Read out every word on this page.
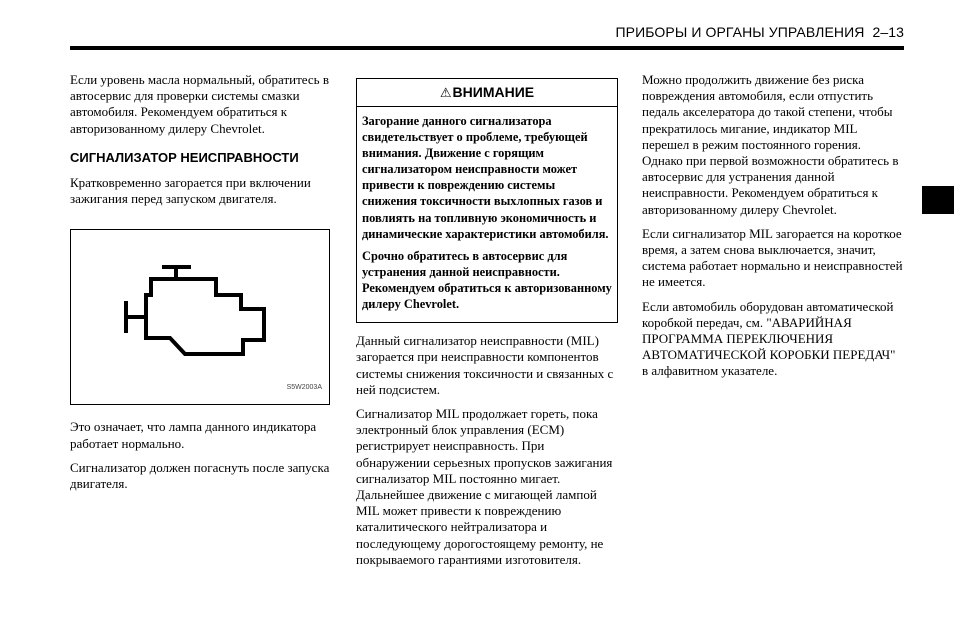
ПРИБОРЫ И ОРГАНЫ УПРАВЛЕНИЯ 2–13

Если уровень масла нормальный, обратитесь в автосервис для проверки системы смазки автомобиля. Рекомендуем обратиться к авторизованному дилеру Chevrolet.

СИГНАЛИЗАТОР НЕИСПРАВНОСТИ

Кратковременно загорается при включении зажигания перед запуском двигателя.

S5W2003A

Это означает, что лампа данного индикатора работает нормально.

Сигнализатор должен погаснуть после запуска двигателя.

⚠ВНИМАНИЕ

Загорание данного сигнализатора свидетельствует о проблеме, требующей внимания. Движение с горящим сигнализатором неисправности может привести к повреждению системы снижения токсичности выхлопных газов и повлиять на топливную экономичность и динамические характеристики автомобиля.

Срочно обратитесь в автосервис для устранения данной неисправности. Рекомендуем обратиться к авторизованному дилеру Chevrolet.

Данный сигнализатор неисправности (MIL) загорается при неисправности компонентов системы снижения токсичности и связанных с ней подсистем.

Сигнализатор MIL продолжает гореть, пока электронный блок управления (ECM) регистрирует неисправность. При обнаружении серьезных пропусков зажигания сигнализатор MIL постоянно мигает. Дальнейшее движение с мигающей лампой MIL может привести к повреждению каталитического нейтрализатора и последующему дорогостоящему ремонту, не покрываемого гарантиями изготовителя.

Можно продолжить движение без риска повреждения автомобиля, если отпустить педаль акселератора до такой степени, чтобы прекратилось мигание, индикатор MIL перешел в режим постоянного горения. Однако при первой возможности обратитесь в автосервис для устранения данной неисправности. Рекомендуем обратиться к авторизованному дилеру Chevrolet.

Если сигнализатор MIL загорается на короткое время, а затем снова выключается, значит, система работает нормально и неисправностей не имеется.

Если автомобиль оборудован автоматической коробкой передач, см. "АВАРИЙНАЯ ПРОГРАММА ПЕРЕКЛЮЧЕНИЯ АВТОМАТИЧЕСКОЙ КОРОБКИ ПЕРЕДАЧ" в алфавитном указателе.
